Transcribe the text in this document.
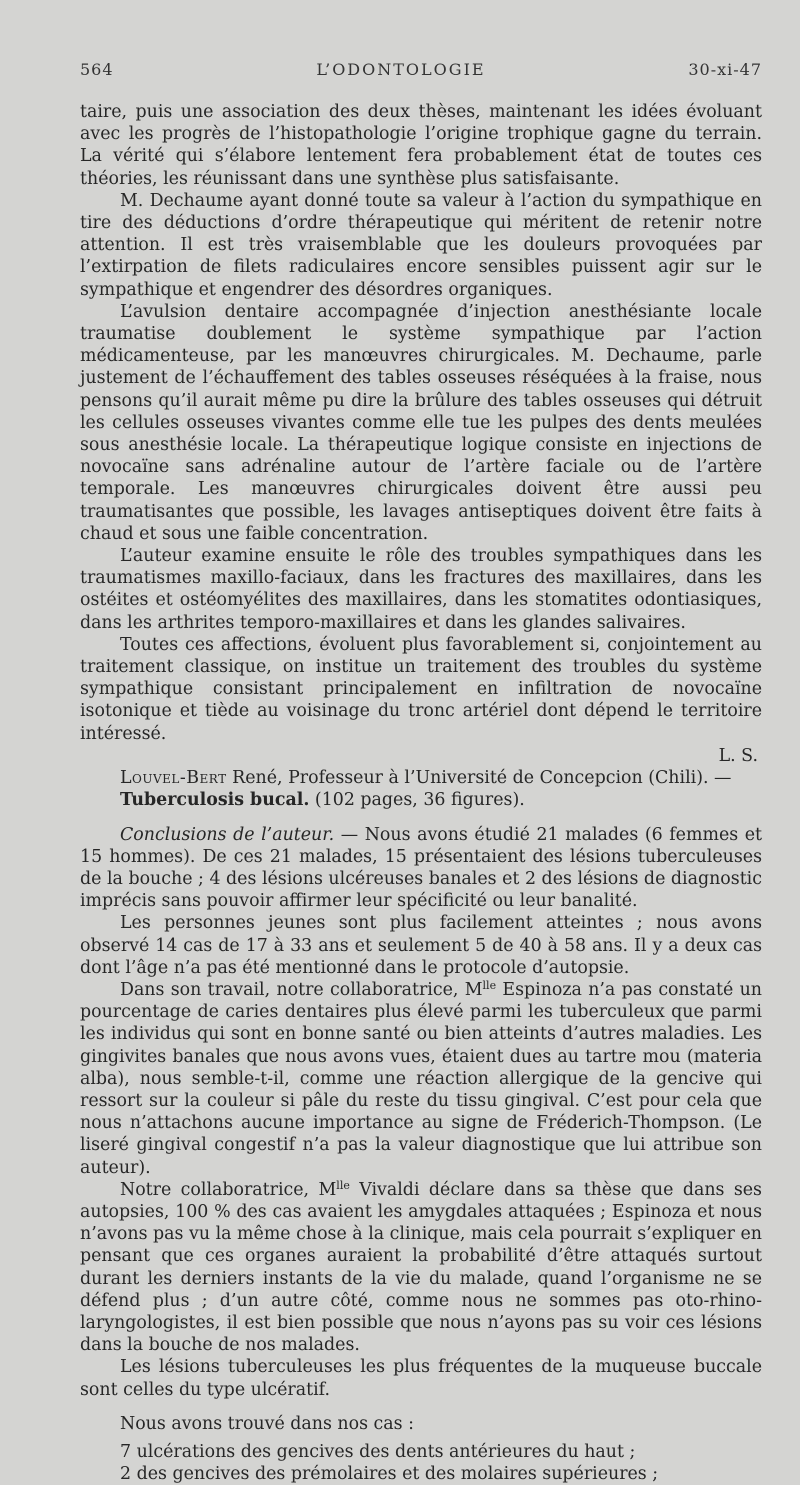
564	L’ODONTOLOGIE	30-xi-47

taire, puis une association des deux thèses, maintenant les idées évoluant avec les progrès de l’histopathologie l’origine trophique gagne du terrain. La vérité qui s’élabore lentement fera probablement état de toutes ces théories, les réunissant dans une synthèse plus satisfaisante.

M. Dechaume ayant donné toute sa valeur à l’action du sympathique en tire des déductions d’ordre thérapeutique qui méritent de retenir notre attention. Il est très vraisemblable que les douleurs provoquées par l’extirpation de filets radiculaires encore sensibles puissent agir sur le sympathique et engendrer des désordres organiques.

L’avulsion dentaire accompagnée d’injection anesthésiante locale traumatise doublement le système sympathique par l’action médicamenteuse, par les manœuvres chirurgicales. M. Dechaume, parle justement de l’échauffement des tables osseuses réséquées à la fraise, nous pensons qu’il aurait même pu dire la brûlure des tables osseuses qui détruit les cellules osseuses vivantes comme elle tue les pulpes des dents meulées sous anesthésie locale. La thérapeutique logique consiste en injections de novocaïne sans adrénaline autour de l’artère faciale ou de l’artère temporale. Les manœuvres chirurgicales doivent être aussi peu traumatisantes que possible, les lavages antiseptiques doivent être faits à chaud et sous une faible concentration.

L’auteur examine ensuite le rôle des troubles sympathiques dans les traumatismes maxillo-faciaux, dans les fractures des maxillaires, dans les ostéites et ostéomyélites des maxillaires, dans les stomatites odontiasiques, dans les arthrites temporo-maxillaires et dans les glandes salivaires.

Toutes ces affections, évoluent plus favorablement si, conjointement au traitement classique, on institue un traitement des troubles du système sympathique consistant principalement en infiltration de novocaïne isotonique et tiède au voisinage du tronc artériel dont dépend le territoire intéressé.

L. S.

Louvel-Bert René, Professeur à l’Université de Concepcion (Chili). —
Tuberculosis bucal. (102 pages, 36 figures).

Conclusions de l’auteur. — Nous avons étudié 21 malades (6 femmes et 15 hommes). De ces 21 malades, 15 présentaient des lésions tuberculeuses de la bouche ; 4 des lésions ulcéreuses banales et 2 des lésions de diagnostic imprécis sans pouvoir affirmer leur spécificité ou leur banalité.

Les personnes jeunes sont plus facilement atteintes ; nous avons observé 14 cas de 17 à 33 ans et seulement 5 de 40 à 58 ans. Il y a deux cas dont l’âge n’a pas été mentionné dans le protocole d’autopsie.

Dans son travail, notre collaboratrice, $M^{lle}$ Espinoza n’a pas constaté un pourcentage de caries dentaires plus élevé parmi les tuberculeux que parmi les individus qui sont en bonne santé ou bien atteints d’autres maladies. Les gingivites banales que nous avons vues, étaient dues au tartre mou (materia alba), nous semble-t-il, comme une réaction allergique de la gencive qui ressort sur la couleur si pâle du reste du tissu gingival. C’est pour cela que nous n’attachons aucune importance au signe de Fréderich-Thompson. (Le liseré gingival congestif n’a pas la valeur diagnostique que lui attribue son auteur).

Notre collaboratrice, $M^{lle}$ Vivaldi déclare dans sa thèse que dans ses autopsies, 100 % des cas avaient les amygdales attaquées ; Espinoza et nous n’avons pas vu la même chose à la clinique, mais cela pourrait s’expliquer en pensant que ces organes auraient la probabilité d’être attaqués surtout durant les derniers instants de la vie du malade, quand l’organisme ne se défend plus ; d’un autre côté, comme nous ne sommes pas oto-rhino-laryngologistes, il est bien possible que nous n’ayons pas su voir ces lésions dans la bouche de nos malades.

Les lésions tuberculeuses les plus fréquentes de la muqueuse buccale sont celles du type ulcératif.

Nous avons trouvé dans nos cas :

7 ulcérations des gencives des dents antérieures du haut ;

2 des gencives des prémolaires et des molaires supérieures ;
